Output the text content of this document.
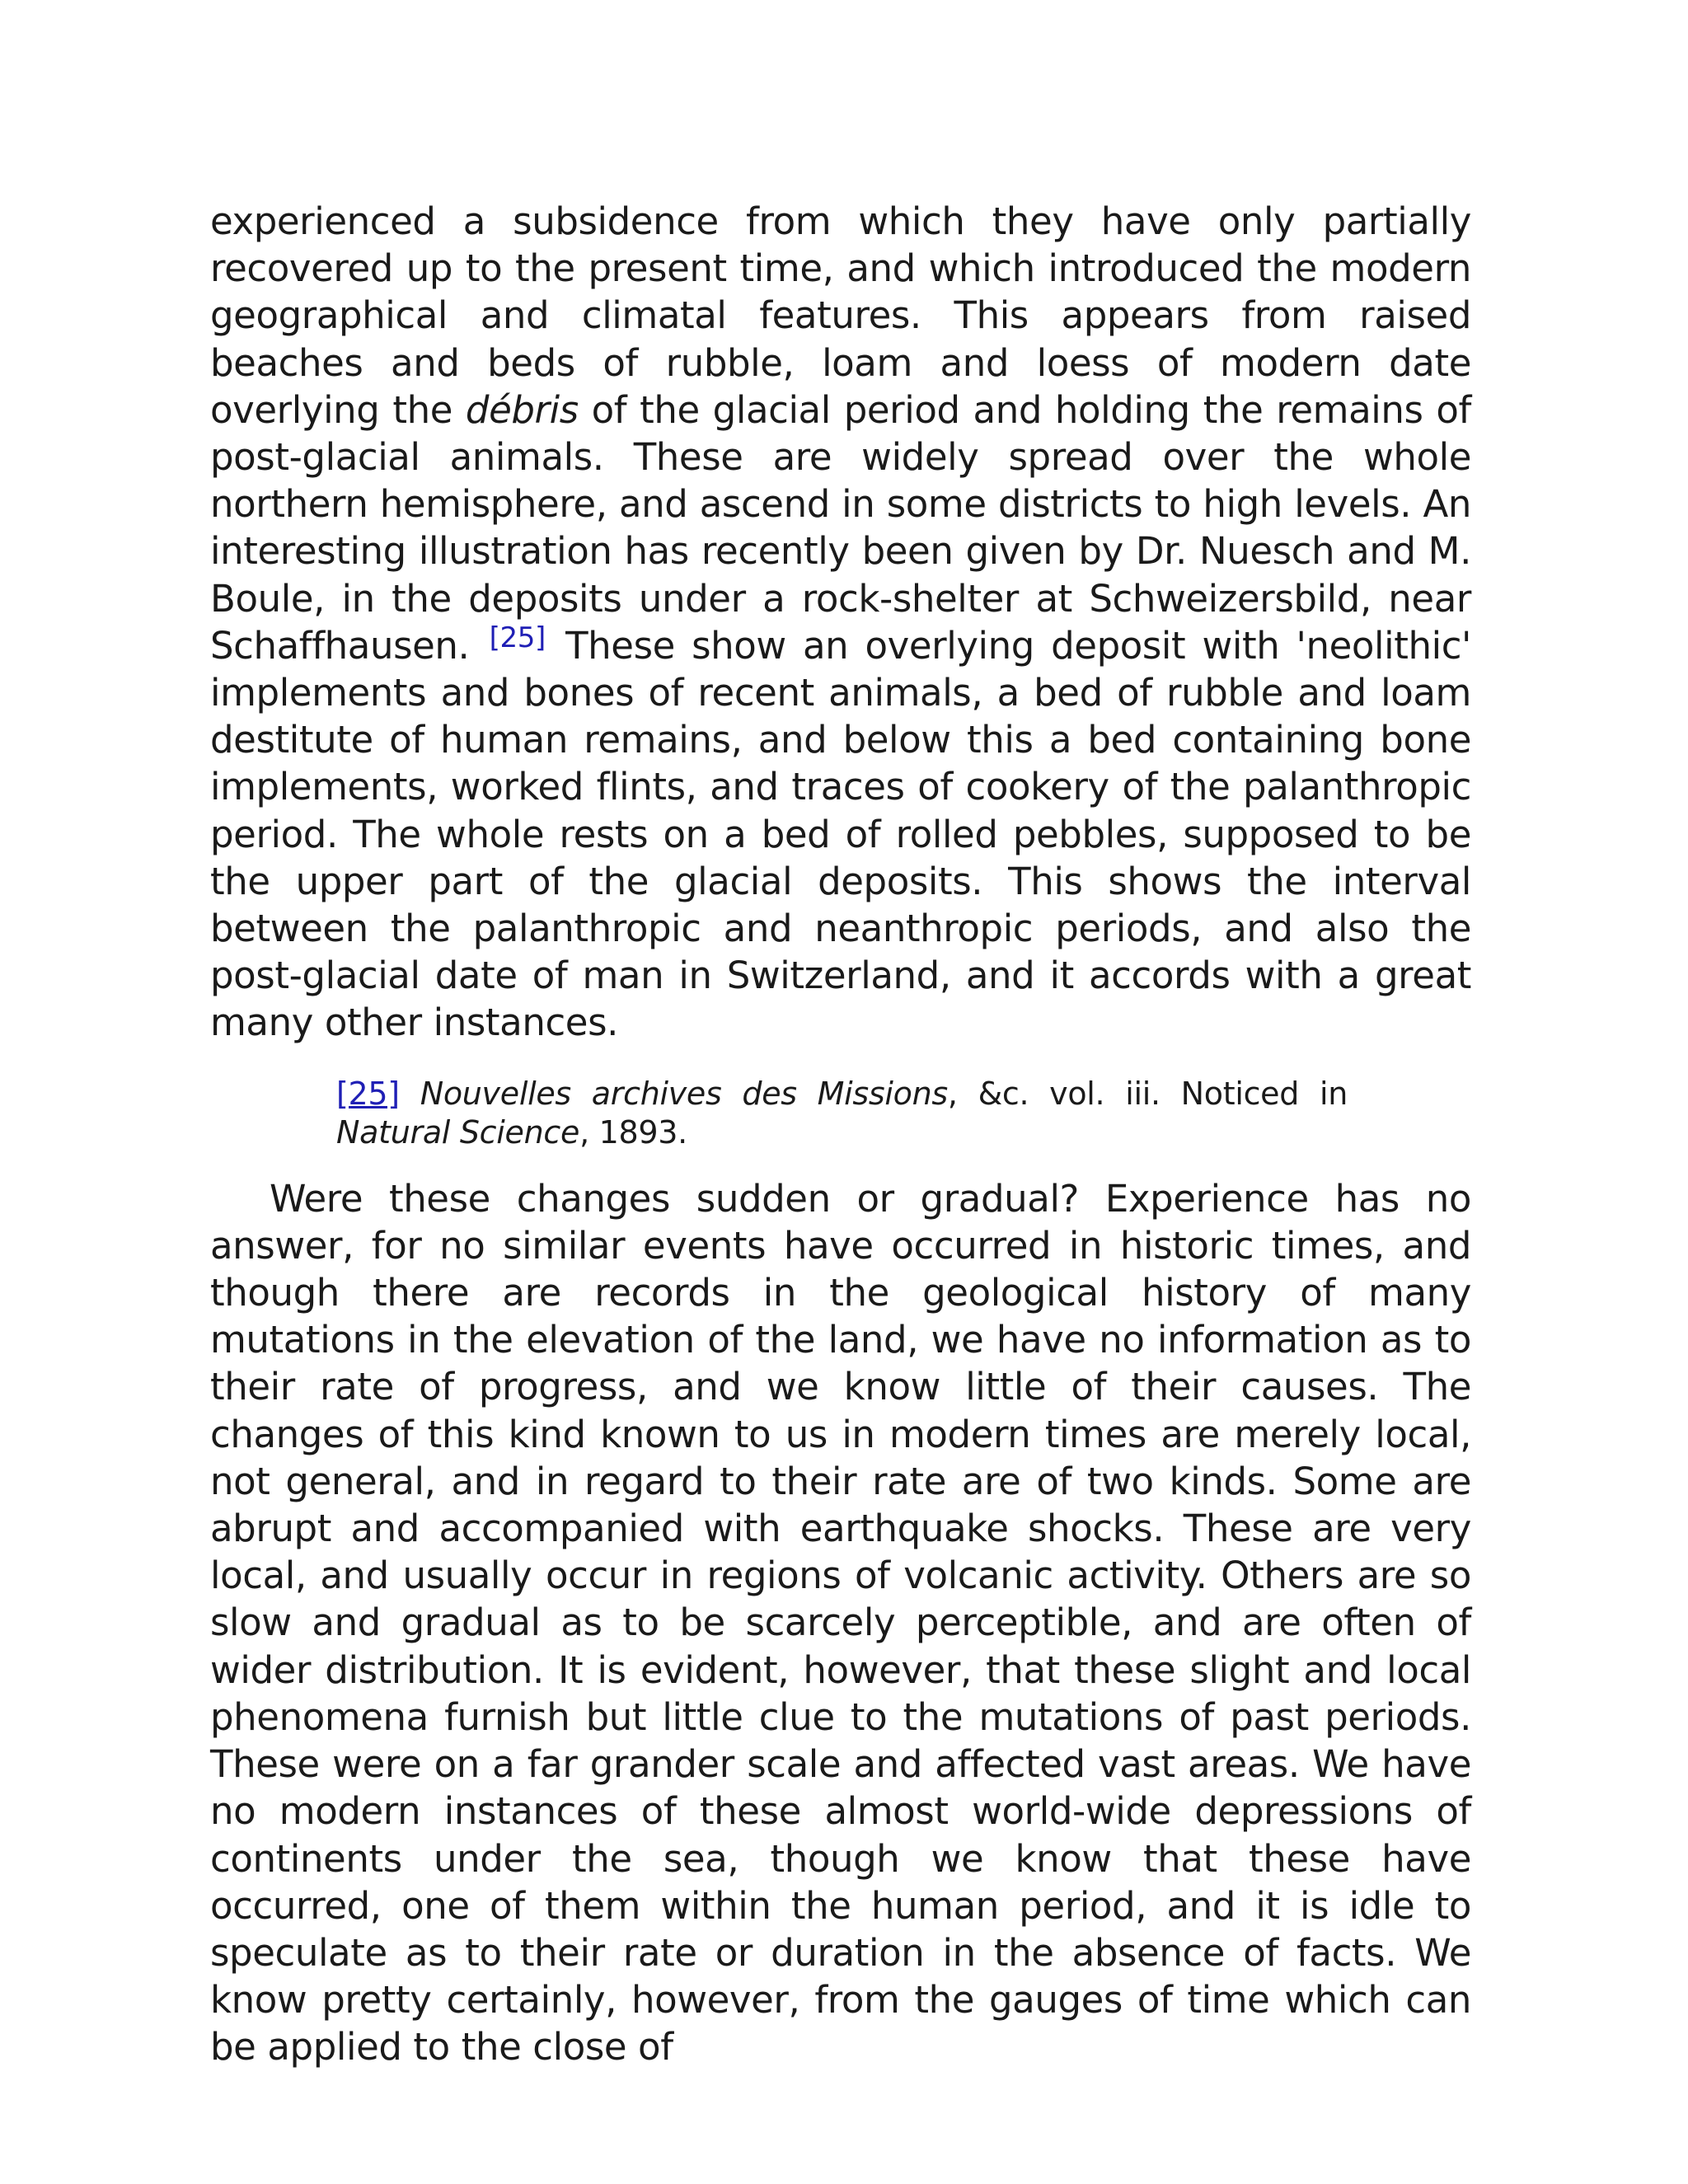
experienced a subsidence from which they have only partially recovered up to the present time, and which introduced the modern geographical and climatal features. This appears from raised beaches and beds of rubble, loam and loess of modern date overlying the débris of the glacial period and holding the remains of post-glacial animals. These are widely spread over the whole northern hemisphere, and ascend in some districts to high levels. An interesting illustration has recently been given by Dr. Nuesch and M. Boule, in the deposits under a rock-shelter at Schweizersbild, near Schaffhausen. [25] These show an overlying deposit with 'neolithic' implements and bones of recent animals, a bed of rubble and loam destitute of human remains, and below this a bed containing bone implements, worked flints, and traces of cookery of the palanthropic period. The whole rests on a bed of rolled pebbles, supposed to be the upper part of the glacial deposits. This shows the interval between the palanthropic and neanthropic periods, and also the post-glacial date of man in Switzerland, and it accords with a great many other instances.

[25] Nouvelles archives des Missions, &c. vol. iii. Noticed in Natural Science, 1893.

Were these changes sudden or gradual? Experience has no answer, for no similar events have occurred in historic times, and though there are records in the geological history of many mutations in the elevation of the land, we have no information as to their rate of progress, and we know little of their causes. The changes of this kind known to us in modern times are merely local, not general, and in regard to their rate are of two kinds. Some are abrupt and accompanied with earthquake shocks. These are very local, and usually occur in regions of volcanic activity. Others are so slow and gradual as to be scarcely perceptible, and are often of wider distribution. It is evident, however, that these slight and local phenomena furnish but little clue to the mutations of past periods. These were on a far grander scale and affected vast areas. We have no modern instances of these almost world-wide depressions of continents under the sea, though we know that these have occurred, one of them within the human period, and it is idle to speculate as to their rate or duration in the absence of facts. We know pretty certainly, however, from the gauges of time which can be applied to the close of
